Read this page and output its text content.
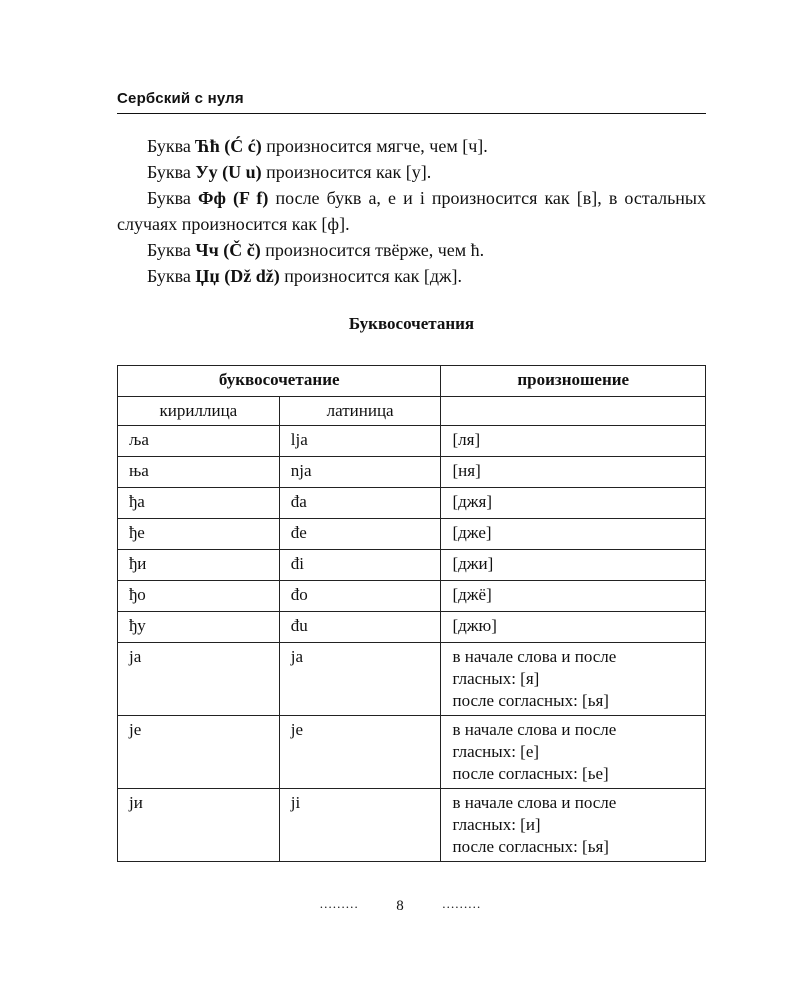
Сербский с нуля

Буква Ћћ (Ć ć) произносится мягче, чем [ч].

Буква Уу (U u) произносится как [у].

Буква Фф (F f) после букв а, е и і произносится как [в], в остальных случаях произносится как [ф].

Буква Чч (Č č) произносится твёрже, чем ћ.

Буква Џџ (Dž dž) произносится как [дж].

Буквосочетания
буквосочетание		произношение
кириллица	латиница	
ља	lja	[ля]

ња	nja	[ня]

ђа	đa	[джя]

ђе	đe	[дже]

ђи	đi	[джи]

ђо	đo	[джё]

ђу	đu	[джю]

ја	ja	в начале слова и после
гласных: [я]
после согласных: [ья]

је	je	в начале слова и после
гласных: [е]
после согласных: [ье]

ји	ji	в начале слова и после
гласных: [и]
после согласных: [ья]
………	8	………
